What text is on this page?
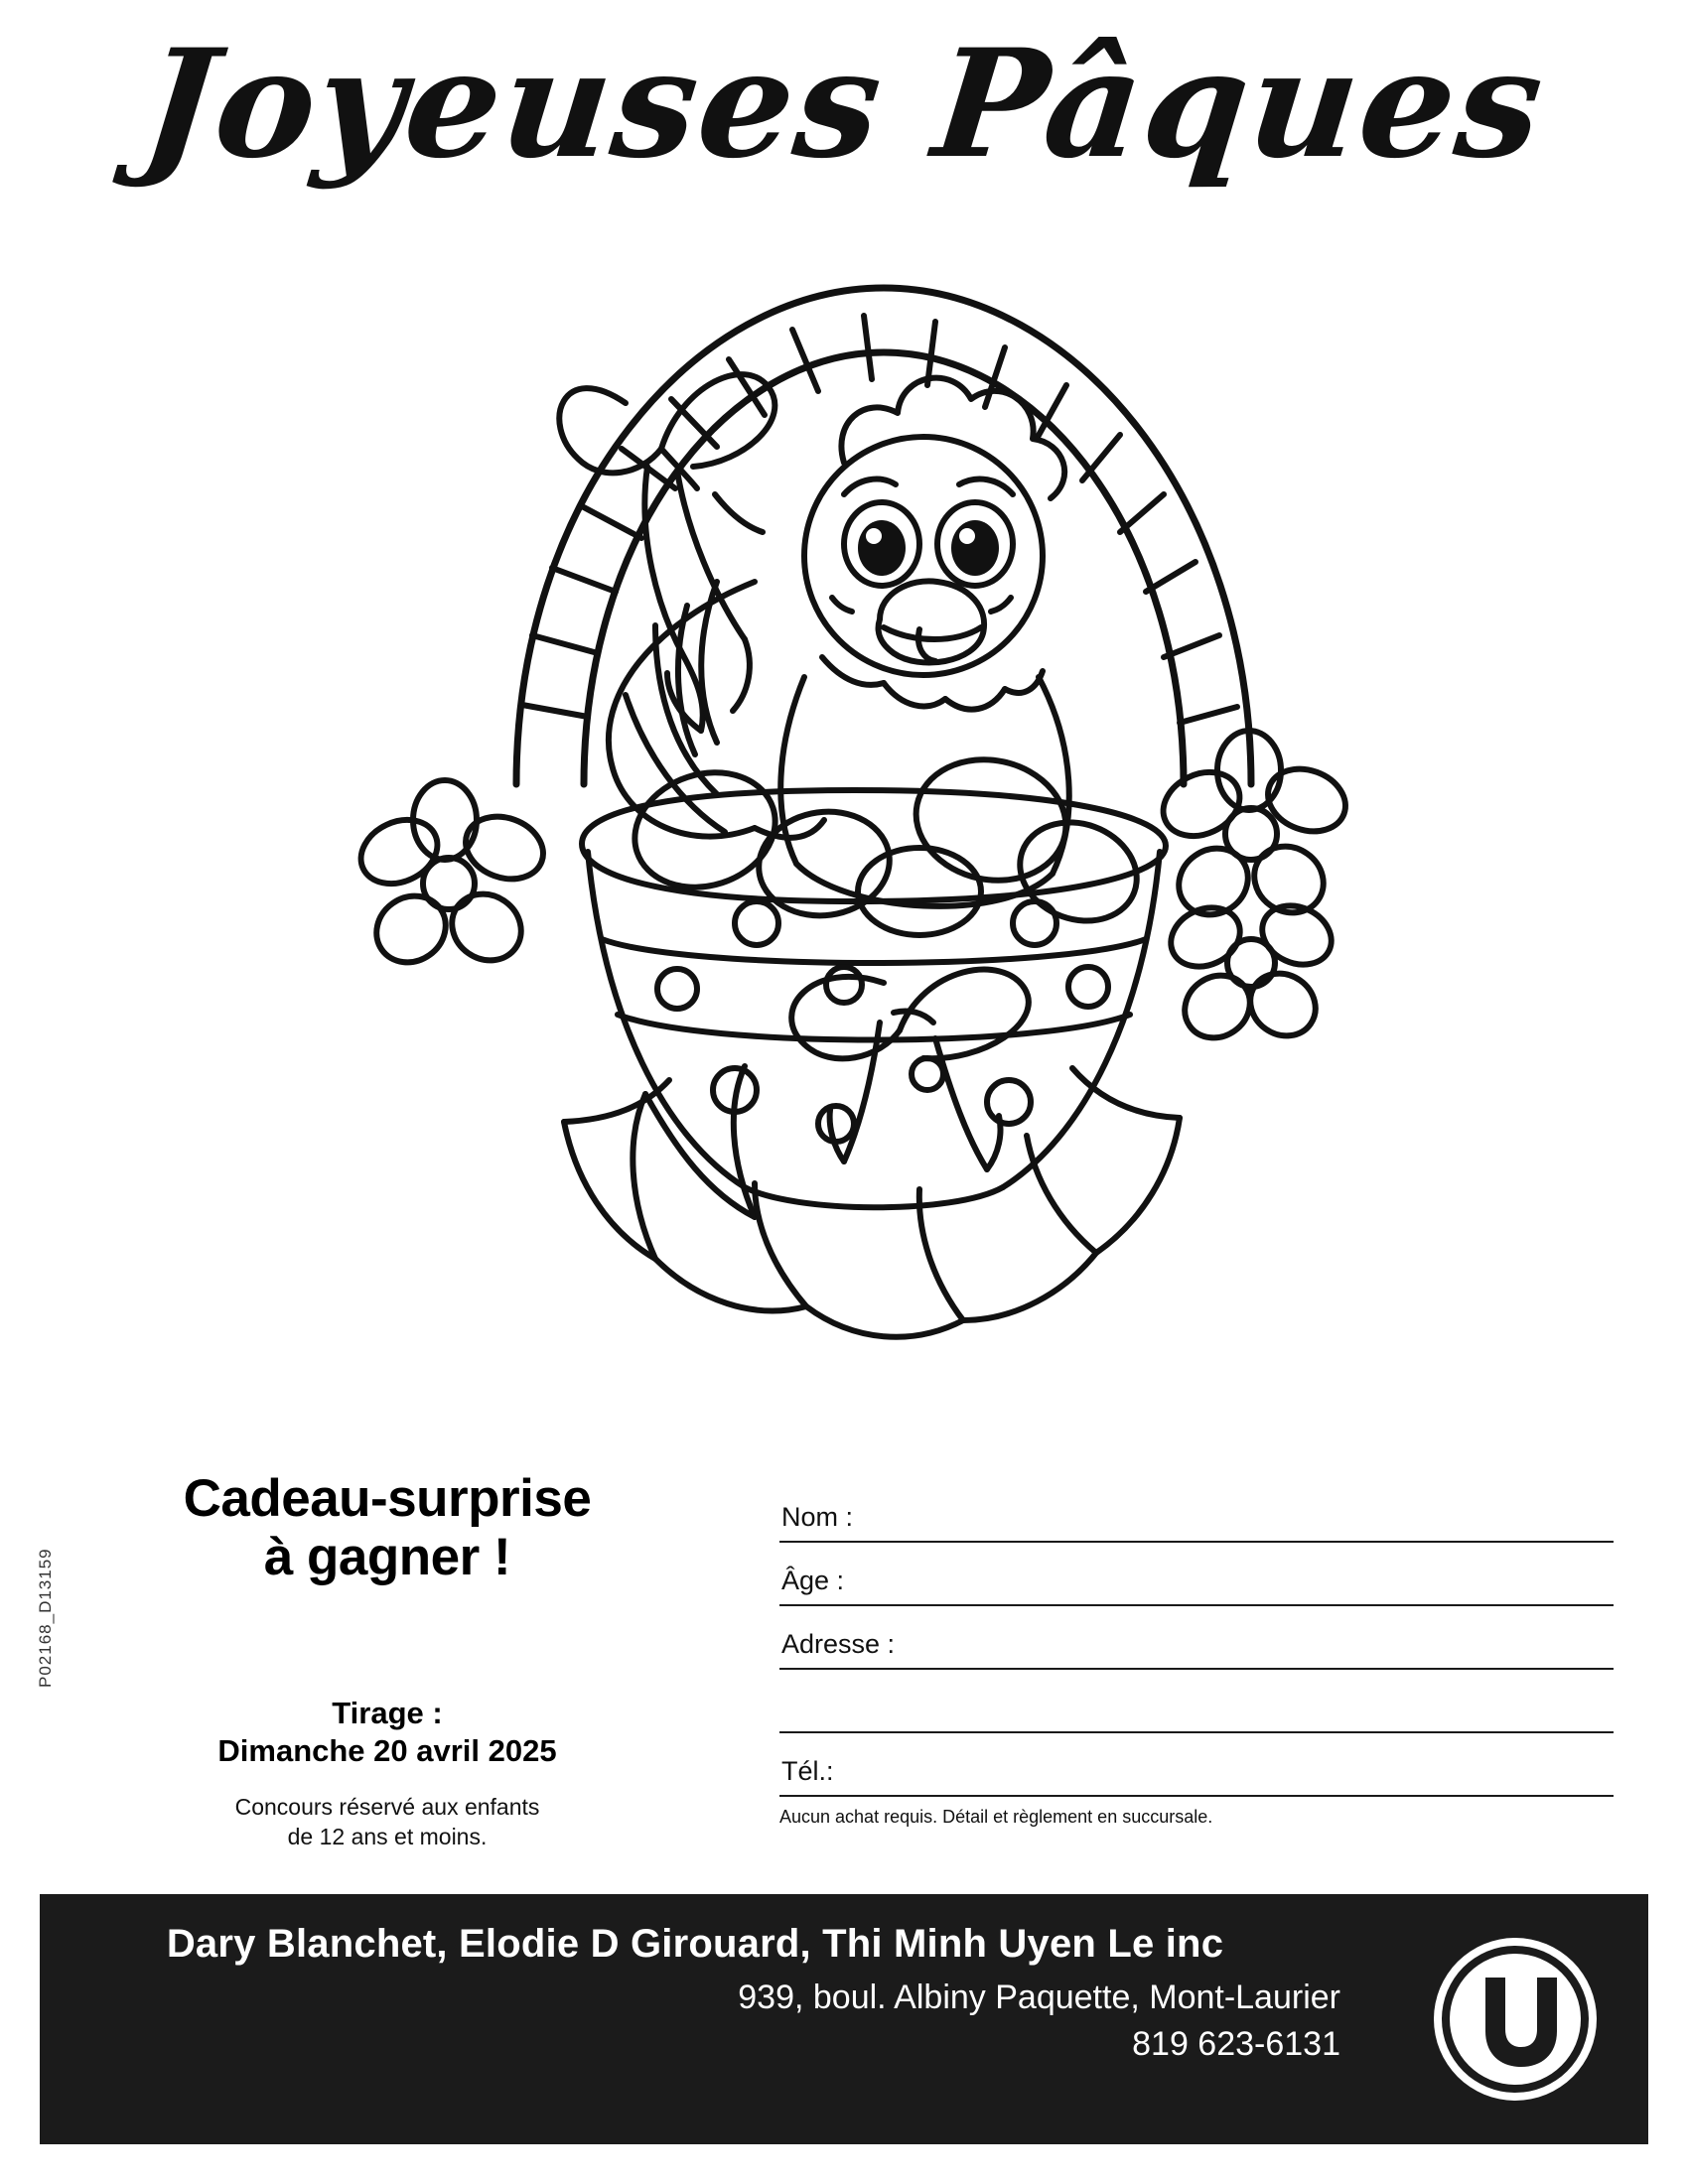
Joyeuses Pâques
P02168_D13159
Cadeau-surprise
à gagner !
Tirage :
Dimanche 20 avril 2025
Concours réservé aux enfants
de 12 ans et moins.
Nom :
Âge :
Adresse :
Tél.:
Aucun achat requis. Détail et règlement en succursale.
Dary Blanchet, Elodie D Girouard, Thi Minh Uyen Le inc
939, boul. Albiny Paquette, Mont-Laurier
819 623-6131
